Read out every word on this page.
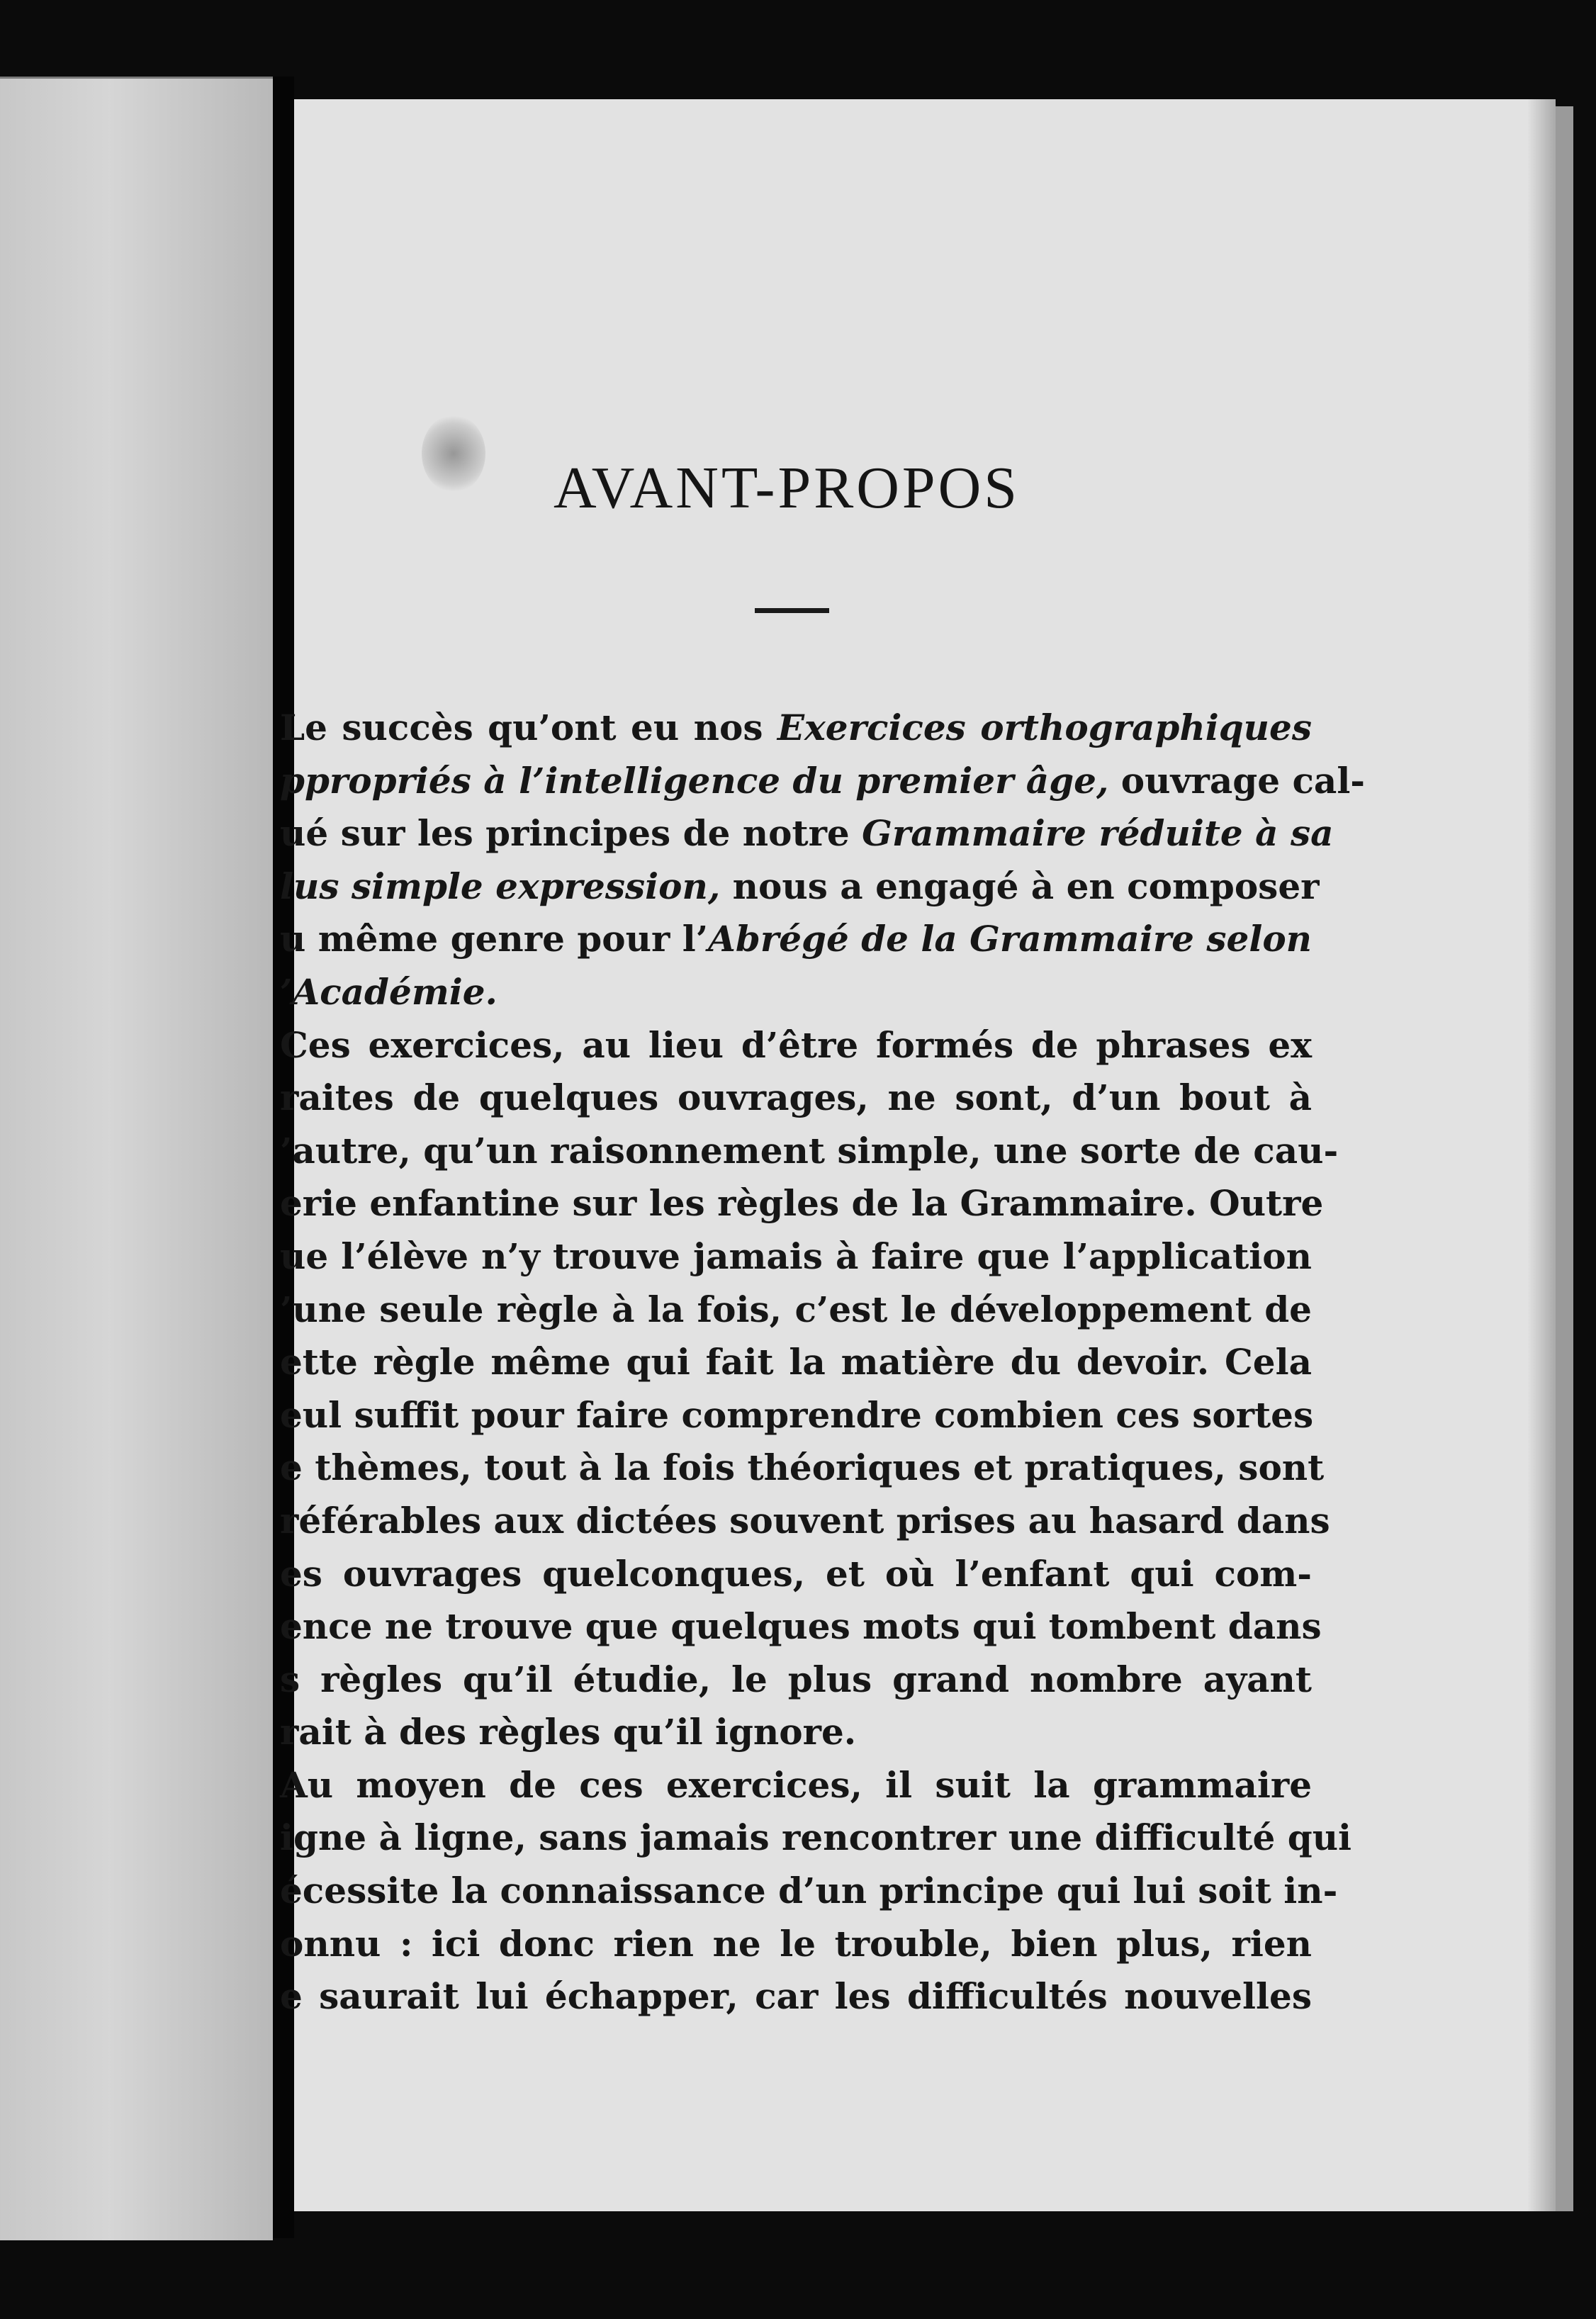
AVANT-PROPOS
Le succès qu’ont eu nos Exercices orthographiques
ppropriés à l’intelligence du premier âge, ouvrage cal-
ué sur les principes de notre Grammaire réduite à sa
lus simple expression, nous a engagé à en composer
u même genre pour l’Abrégé de la Grammaire selon
’Académie.
Ces exercices, au lieu d’être formés de phrases ex
raites de quelques ouvrages, ne sont, d’un bout à
’autre, qu’un raisonnement simple, une sorte de cau-
erie enfantine sur les règles de la Grammaire. Outre
ue l’élève n’y trouve jamais à faire que l’application
’une seule règle à la fois, c’est le développement de
ette règle même qui fait la matière du devoir. Cela
eul suffit pour faire comprendre combien ces sortes
e thèmes, tout à la fois théoriques et pratiques, sont
référables aux dictées souvent prises au hasard dans
es ouvrages quelconques, et où l’enfant qui com-
ence ne trouve que quelques mots qui tombent dans
s règles qu’il étudie, le plus grand nombre ayant
rait à des règles qu’il ignore.
Au moyen de ces exercices, il suit la grammaire
igne à ligne, sans jamais rencontrer une difficulté qui
écessite la connaissance d’un principe qui lui soit in-
onnu : ici donc rien ne le trouble, bien plus, rien
e saurait lui échapper, car les difficultés nouvelles
